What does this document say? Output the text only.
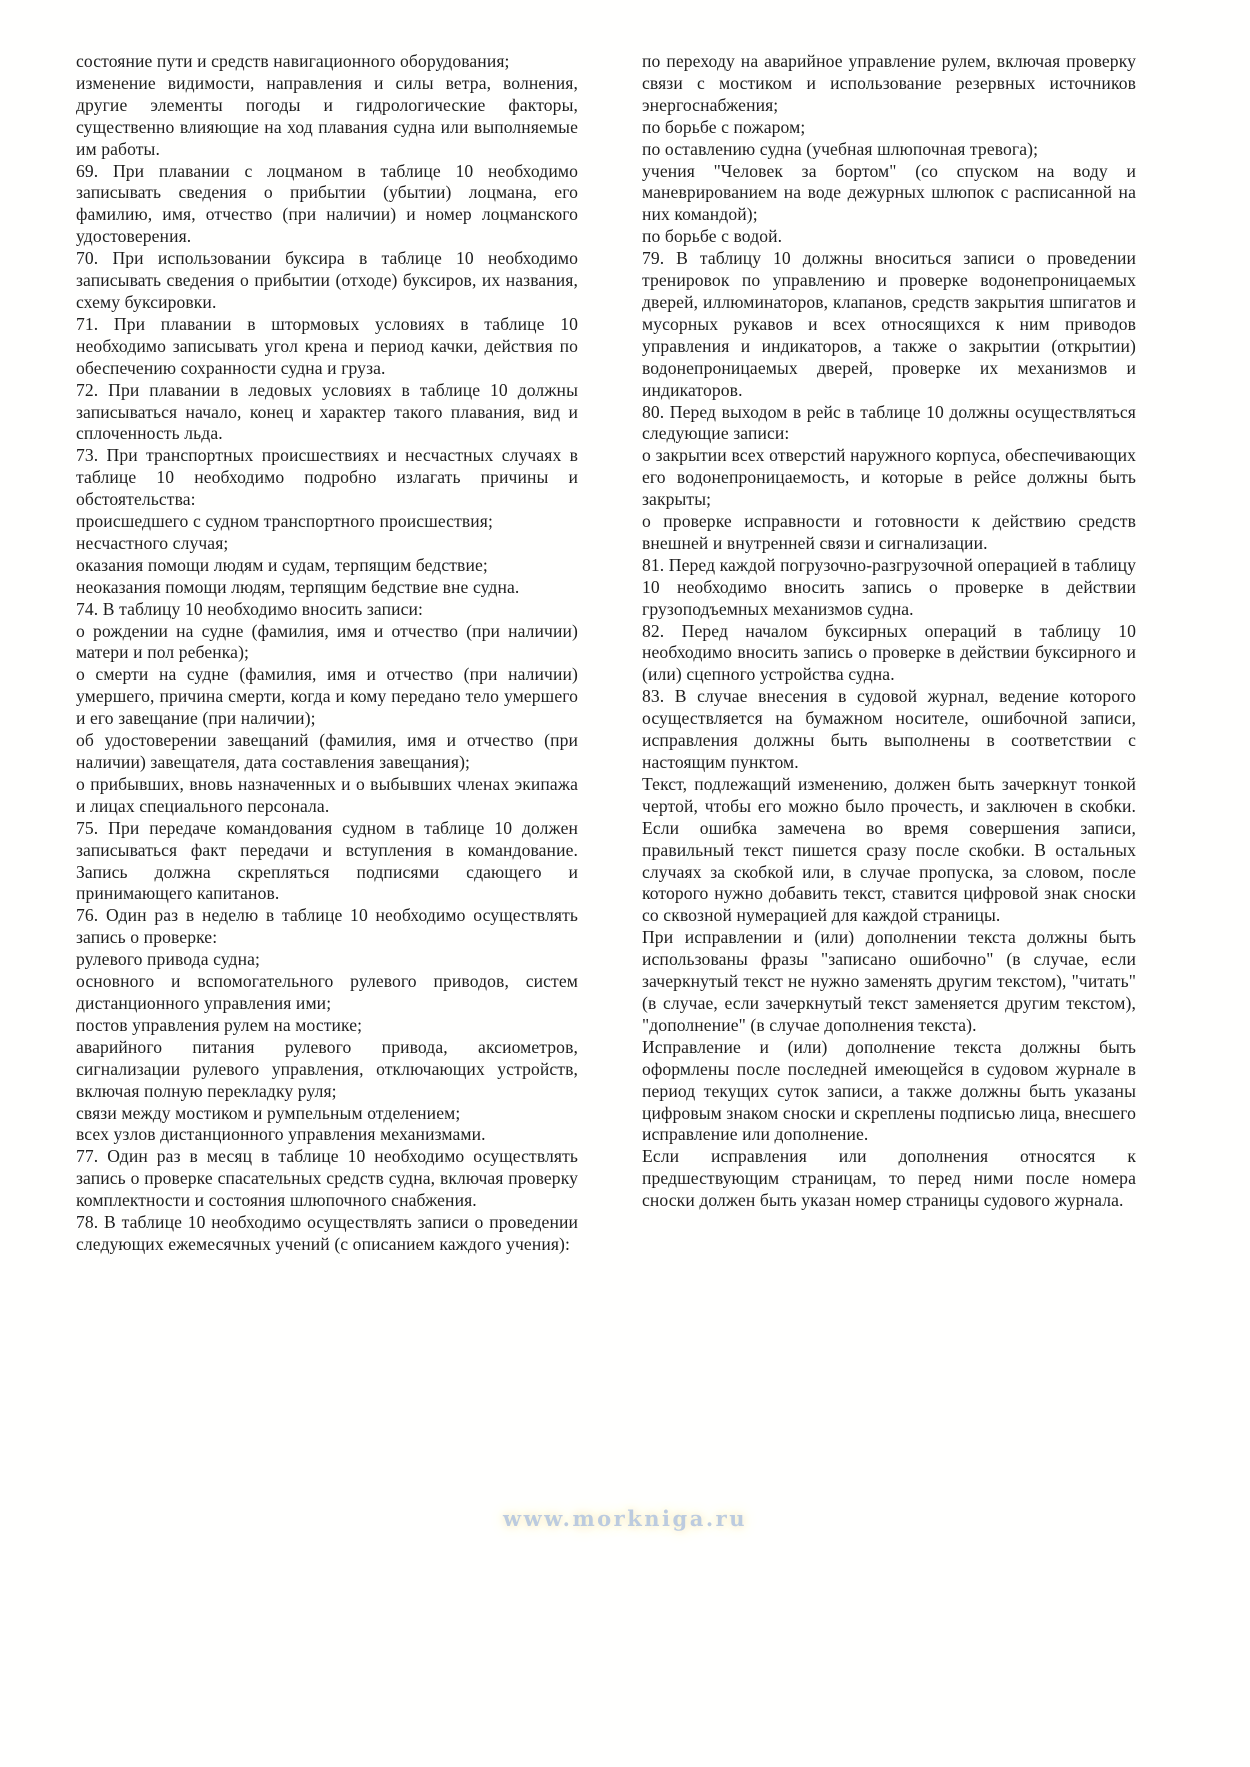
состояние пути и средств навигационного оборудования;

изменение видимости, направления и силы ветра, волнения, другие элементы погоды и гидрологические факторы, существенно влияющие на ход плавания судна или выполняемые им работы.

69. При плавании с лоцманом в таблице 10 необходимо записывать сведения о прибытии (убытии) лоцмана, его фамилию, имя, отчество (при наличии) и номер лоцманского удостоверения.

70. При использовании буксира в таблице 10 необходимо записывать сведения о прибытии (отходе) буксиров, их названия, схему буксировки.

71. При плавании в штормовых условиях в таблице 10 необходимо записывать угол крена и период качки, действия по обеспечению сохранности судна и груза.

72. При плавании в ледовых условиях в таблице 10 должны записываться начало, конец и характер такого плавания, вид и сплоченность льда.

73. При транспортных происшествиях и несчастных случаях в таблице 10 необходимо подробно излагать причины и обстоятельства:

происшедшего с судном транспортного происшествия;

несчастного случая;

оказания помощи людям и судам, терпящим бедствие;

неоказания помощи людям, терпящим бедствие вне судна.

74. В таблицу 10 необходимо вносить записи:

о рождении на судне (фамилия, имя и отчество (при наличии) матери и пол ребенка);

о смерти на судне (фамилия, имя и отчество (при наличии) умершего, причина смерти, когда и кому передано тело умершего и его завещание (при наличии);

об удостоверении завещаний (фамилия, имя и отчество (при наличии) завещателя, дата составления завещания);

о прибывших, вновь назначенных и о выбывших членах экипажа и лицах специального персонала.

75. При передаче командования судном в таблице 10 должен записываться факт передачи и вступления в командование. Запись должна скрепляться подписями сдающего и принимающего капитанов.

76. Один раз в неделю в таблице 10 необходимо осуществлять запись о проверке:

рулевого привода судна;

основного и вспомогательного рулевого приводов, систем дистанционного управления ими;

постов управления рулем на мостике;

аварийного питания рулевого привода, аксиометров, сигнализации рулевого управления, отключающих устройств, включая полную перекладку руля;

связи между мостиком и румпельным отделением;

всех узлов дистанционного управления механизмами.

77. Один раз в месяц в таблице 10 необходимо осуществлять запись о проверке спасательных средств судна, включая проверку комплектности и состояния шлюпочного снабжения.

78. В таблице 10 необходимо осуществлять записи о проведении следующих ежемесячных учений (с описанием каждого учения):

по переходу на аварийное управление рулем, включая проверку связи с мостиком и использование резервных источников энергоснабжения;

по борьбе с пожаром;

по оставлению судна (учебная шлюпочная тревога);

учения "Человек за бортом" (со спуском на воду и маневрированием на воде дежурных шлюпок с расписанной на них командой);

по борьбе с водой.

79. В таблицу 10 должны вноситься записи о проведении тренировок по управлению и проверке водонепроницаемых дверей, иллюминаторов, клапанов, средств закрытия шпигатов и мусорных рукавов и всех относящихся к ним приводов управления и индикаторов, а также о закрытии (открытии) водонепроницаемых дверей, проверке их механизмов и индикаторов.

80. Перед выходом в рейс в таблице 10 должны осуществляться следующие записи:

о закрытии всех отверстий наружного корпуса, обеспечивающих его водонепроницаемость, и которые в рейсе должны быть закрыты;

о проверке исправности и готовности к действию средств внешней и внутренней связи и сигнализации.

81. Перед каждой погрузочно-разгрузочной операцией в таблицу 10 необходимо вносить запись о проверке в действии грузоподъемных механизмов судна.

82. Перед началом буксирных операций в таблицу 10 необходимо вносить запись о проверке в действии буксирного и (или) сцепного устройства судна.

83. В случае внесения в судовой журнал, ведение которого осуществляется на бумажном носителе, ошибочной записи, исправления должны быть выполнены в соответствии с настоящим пунктом.

Текст, подлежащий изменению, должен быть зачеркнут тонкой чертой, чтобы его можно было прочесть, и заключен в скобки. Если ошибка замечена во время совершения записи, правильный текст пишется сразу после скобки. В остальных случаях за скобкой или, в случае пропуска, за словом, после которого нужно добавить текст, ставится цифровой знак сноски со сквозной нумерацией для каждой страницы.

При исправлении и (или) дополнении текста должны быть использованы фразы "записано ошибочно" (в случае, если зачеркнутый текст не нужно заменять другим текстом), "читать" (в случае, если зачеркнутый текст заменяется другим текстом), "дополнение" (в случае дополнения текста).

Исправление и (или) дополнение текста должны быть оформлены после последней имеющейся в судовом журнале в период текущих суток записи, а также должны быть указаны цифровым знаком сноски и скреплены подписью лица, внесшего исправление или дополнение.

Если исправления или дополнения относятся к предшествующим страницам, то перед ними после номера сноски должен быть указан номер страницы судового журнала.

www.morkniga.ru
